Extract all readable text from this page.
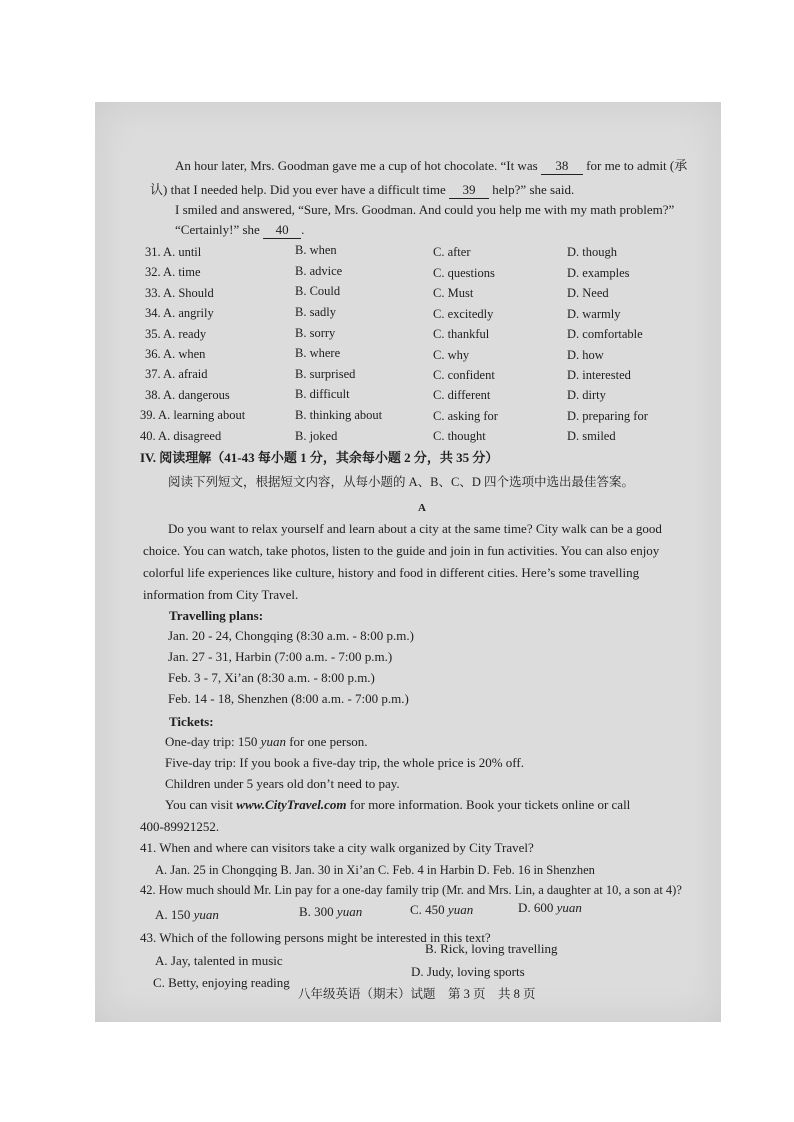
An hour later, Mrs. Goodman gave me a cup of hot chocolate. “It was 38 for me to admit (承
认) that I needed help. Did you ever have a difficult time 39 help?” she said.
I smiled and answered, “Sure, Mrs. Goodman. And could you help me with my math problem?”
“Certainly!” she 40 .
31. A. until	B. when	C. after	D. though
32. A. time	B. advice	C. questions	D. examples
33. A. Should	B. Could	C. Must	D. Need
34. A. angrily	B. sadly	C. excitedly	D. warmly
35. A. ready	B. sorry	C. thankful	D. comfortable
36. A. when	B. where	C. why	D. how
37. A. afraid	B. surprised	C. confident	D. interested
38. A. dangerous	B. difficult	C. different	D. dirty
39. A. learning about	B. thinking about	C. asking for	D. preparing for
40. A. disagreed	B. joked	C. thought	D. smiled
IV. 阅读理解（41-43 每小题 1 分，其余每小题 2 分，共 35 分）
阅读下列短文，根据短文内容，从每小题的 A、B、C、D 四个选项中选出最佳答案。
A
Do you want to relax yourself and learn about a city at the same time? City walk can be a good
choice. You can watch, take photos, listen to the guide and join in fun activities. You can also enjoy
colorful life experiences like culture, history and food in different cities. Here’s some travelling
information from City Travel.
Travelling plans:
Jan. 20 - 24, Chongqing (8:30 a.m. - 8:00 p.m.)
Jan. 27 - 31, Harbin (7:00 a.m. - 7:00 p.m.)
Feb. 3 - 7, Xi’an (8:30 a.m. - 8:00 p.m.)
Feb. 14 - 18, Shenzhen (8:00 a.m. - 7:00 p.m.)
Tickets:
One-day trip: 150 yuan for one person.
Five-day trip: If you book a five-day trip, the whole price is 20% off.
Children under 5 years old don’t need to pay.
You can visit www.CityTravel.com for more information. Book your tickets online or call
400-89921252.
41. When and where can visitors take a city walk organized by City Travel?
A. Jan. 25 in Chongqing B. Jan. 30 in Xi’an C. Feb. 4 in Harbin D. Feb. 16 in Shenzhen
42. How much should Mr. Lin pay for a one-day family trip (Mr. and Mrs. Lin, a daughter at 10, a son at 4)?
A. 150 yuan	B. 300 yuan	C. 450 yuan	D. 600 yuan
43. Which of the following persons might be interested in this text?
A. Jay, talented in music
B. Rick, loving travelling
C. Betty, enjoying reading
D. Judy, loving sports
八年级英语（期末）试题　第 3 页　共 8 页
